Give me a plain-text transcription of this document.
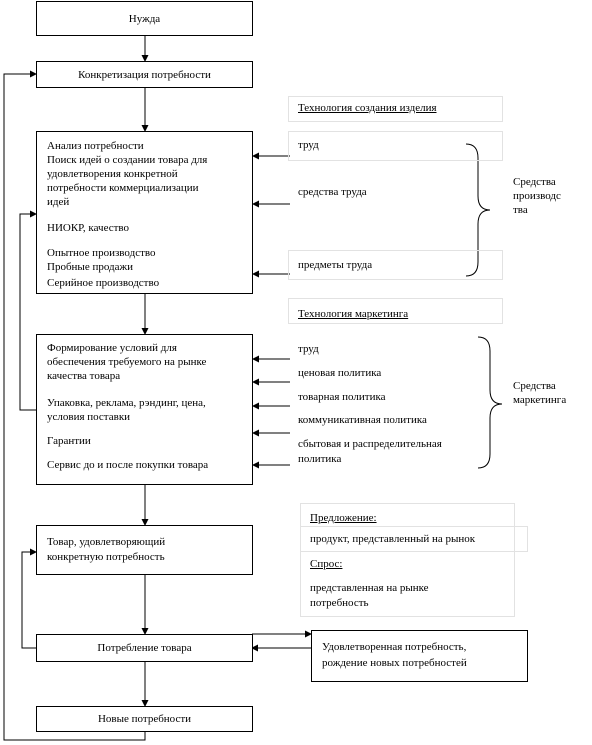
Нужда
Конкретизация потребности
Анализ потребности
Поиск идей о создании товара для
удовлетворения конкретной
потребности коммерциализации
идей
НИОКР, качество
Опытное производство
Пробные продажи
Серийное производство
Формирование условий для
обеспечения требуемого на рынке
качества товара
Упаковка, реклама, рэндинг, цена,
условия поставки
Гарантии
Сервис до и после покупки товара
Товар, удовлетворяющий
конкретную потребность
Потребление товара	Удовлетворенная потребность,
рождение новых потребностей
Новые потребности
Технология создания изделия
труд
средства труда
предметы труда
Средства
производс
тва
Технология маркетинга
труд
ценовая политика
товарная политика
коммуникативная политика
сбытовая и распределительная
политика
Средства
маркетинга
Предложение:
продукт, представленный на рынок
Спрос:
представленная на рынке
потребность
